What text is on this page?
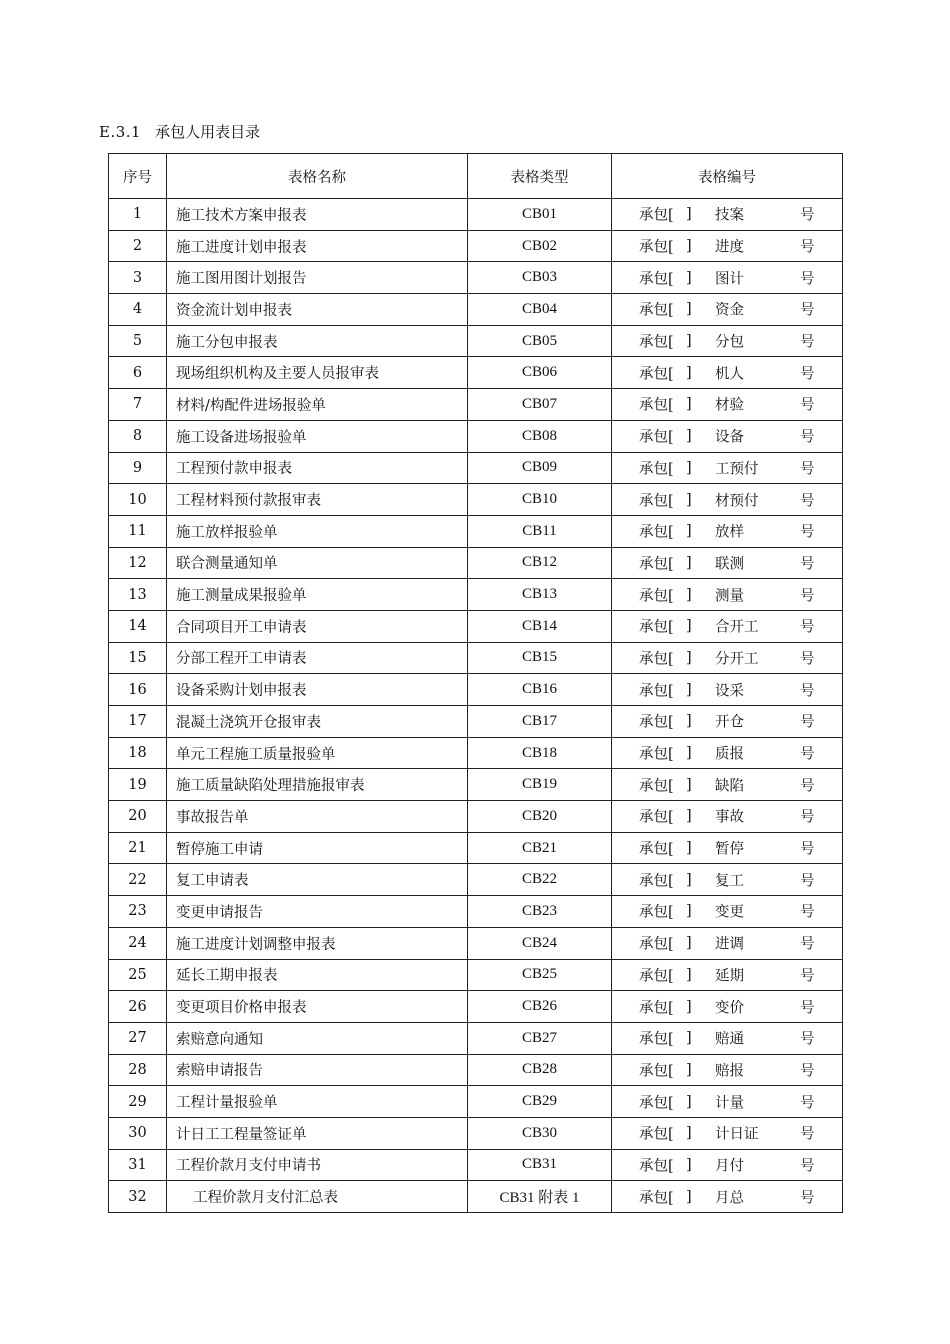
E.3.1 承包人用表目录
序号	表格名称	表格类型	表格编号
1	施工技术方案申报表	CB01	承包[ ] 技案 号

2	施工进度计划申报表	CB02	承包[ ] 进度 号

3	施工图用图计划报告	CB03	承包[ ] 图计 号

4	资金流计划申报表	CB04	承包[ ] 资金 号

5	施工分包申报表	CB05	承包[ ] 分包 号

6	现场组织机构及主要人员报审表	CB06	承包[ ] 机人 号

7	材料/构配件进场报验单	CB07	承包[ ] 材验 号

8	施工设备进场报验单	CB08	承包[ ] 设备 号

9	工程预付款申报表	CB09	承包[ ] 工预付 号

10	工程材料预付款报审表	CB10	承包[ ] 材预付 号

11	施工放样报验单	CB11	承包[ ] 放样 号

12	联合测量通知单	CB12	承包[ ] 联测 号

13	施工测量成果报验单	CB13	承包[ ] 测量 号

14	合同项目开工申请表	CB14	承包[ ] 合开工 号

15	分部工程开工申请表	CB15	承包[ ] 分开工 号

16	设备采购计划申报表	CB16	承包[ ] 设采 号

17	混凝土浇筑开仓报审表	CB17	承包[ ] 开仓 号

18	单元工程施工质量报验单	CB18	承包[ ] 质报 号

19	施工质量缺陷处理措施报审表	CB19	承包[ ] 缺陷 号

20	事故报告单	CB20	承包[ ] 事故 号

21	暂停施工申请	CB21	承包[ ] 暂停 号

22	复工申请表	CB22	承包[ ] 复工 号

23	变更申请报告	CB23	承包[ ] 变更 号

24	施工进度计划调整申报表	CB24	承包[ ] 进调 号

25	延长工期申报表	CB25	承包[ ] 延期 号

26	变更项目价格申报表	CB26	承包[ ] 变价 号

27	索赔意向通知	CB27	承包[ ] 赔通 号

28	索赔申请报告	CB28	承包[ ] 赔报 号

29	工程计量报验单	CB29	承包[ ] 计量 号

30	计日工工程量签证单	CB30	承包[ ] 计日证 号

31	工程价款月支付申请书	CB31	承包[ ] 月付 号

32	工程价款月支付汇总表	CB31 附表 1	承包[ ] 月总 号
